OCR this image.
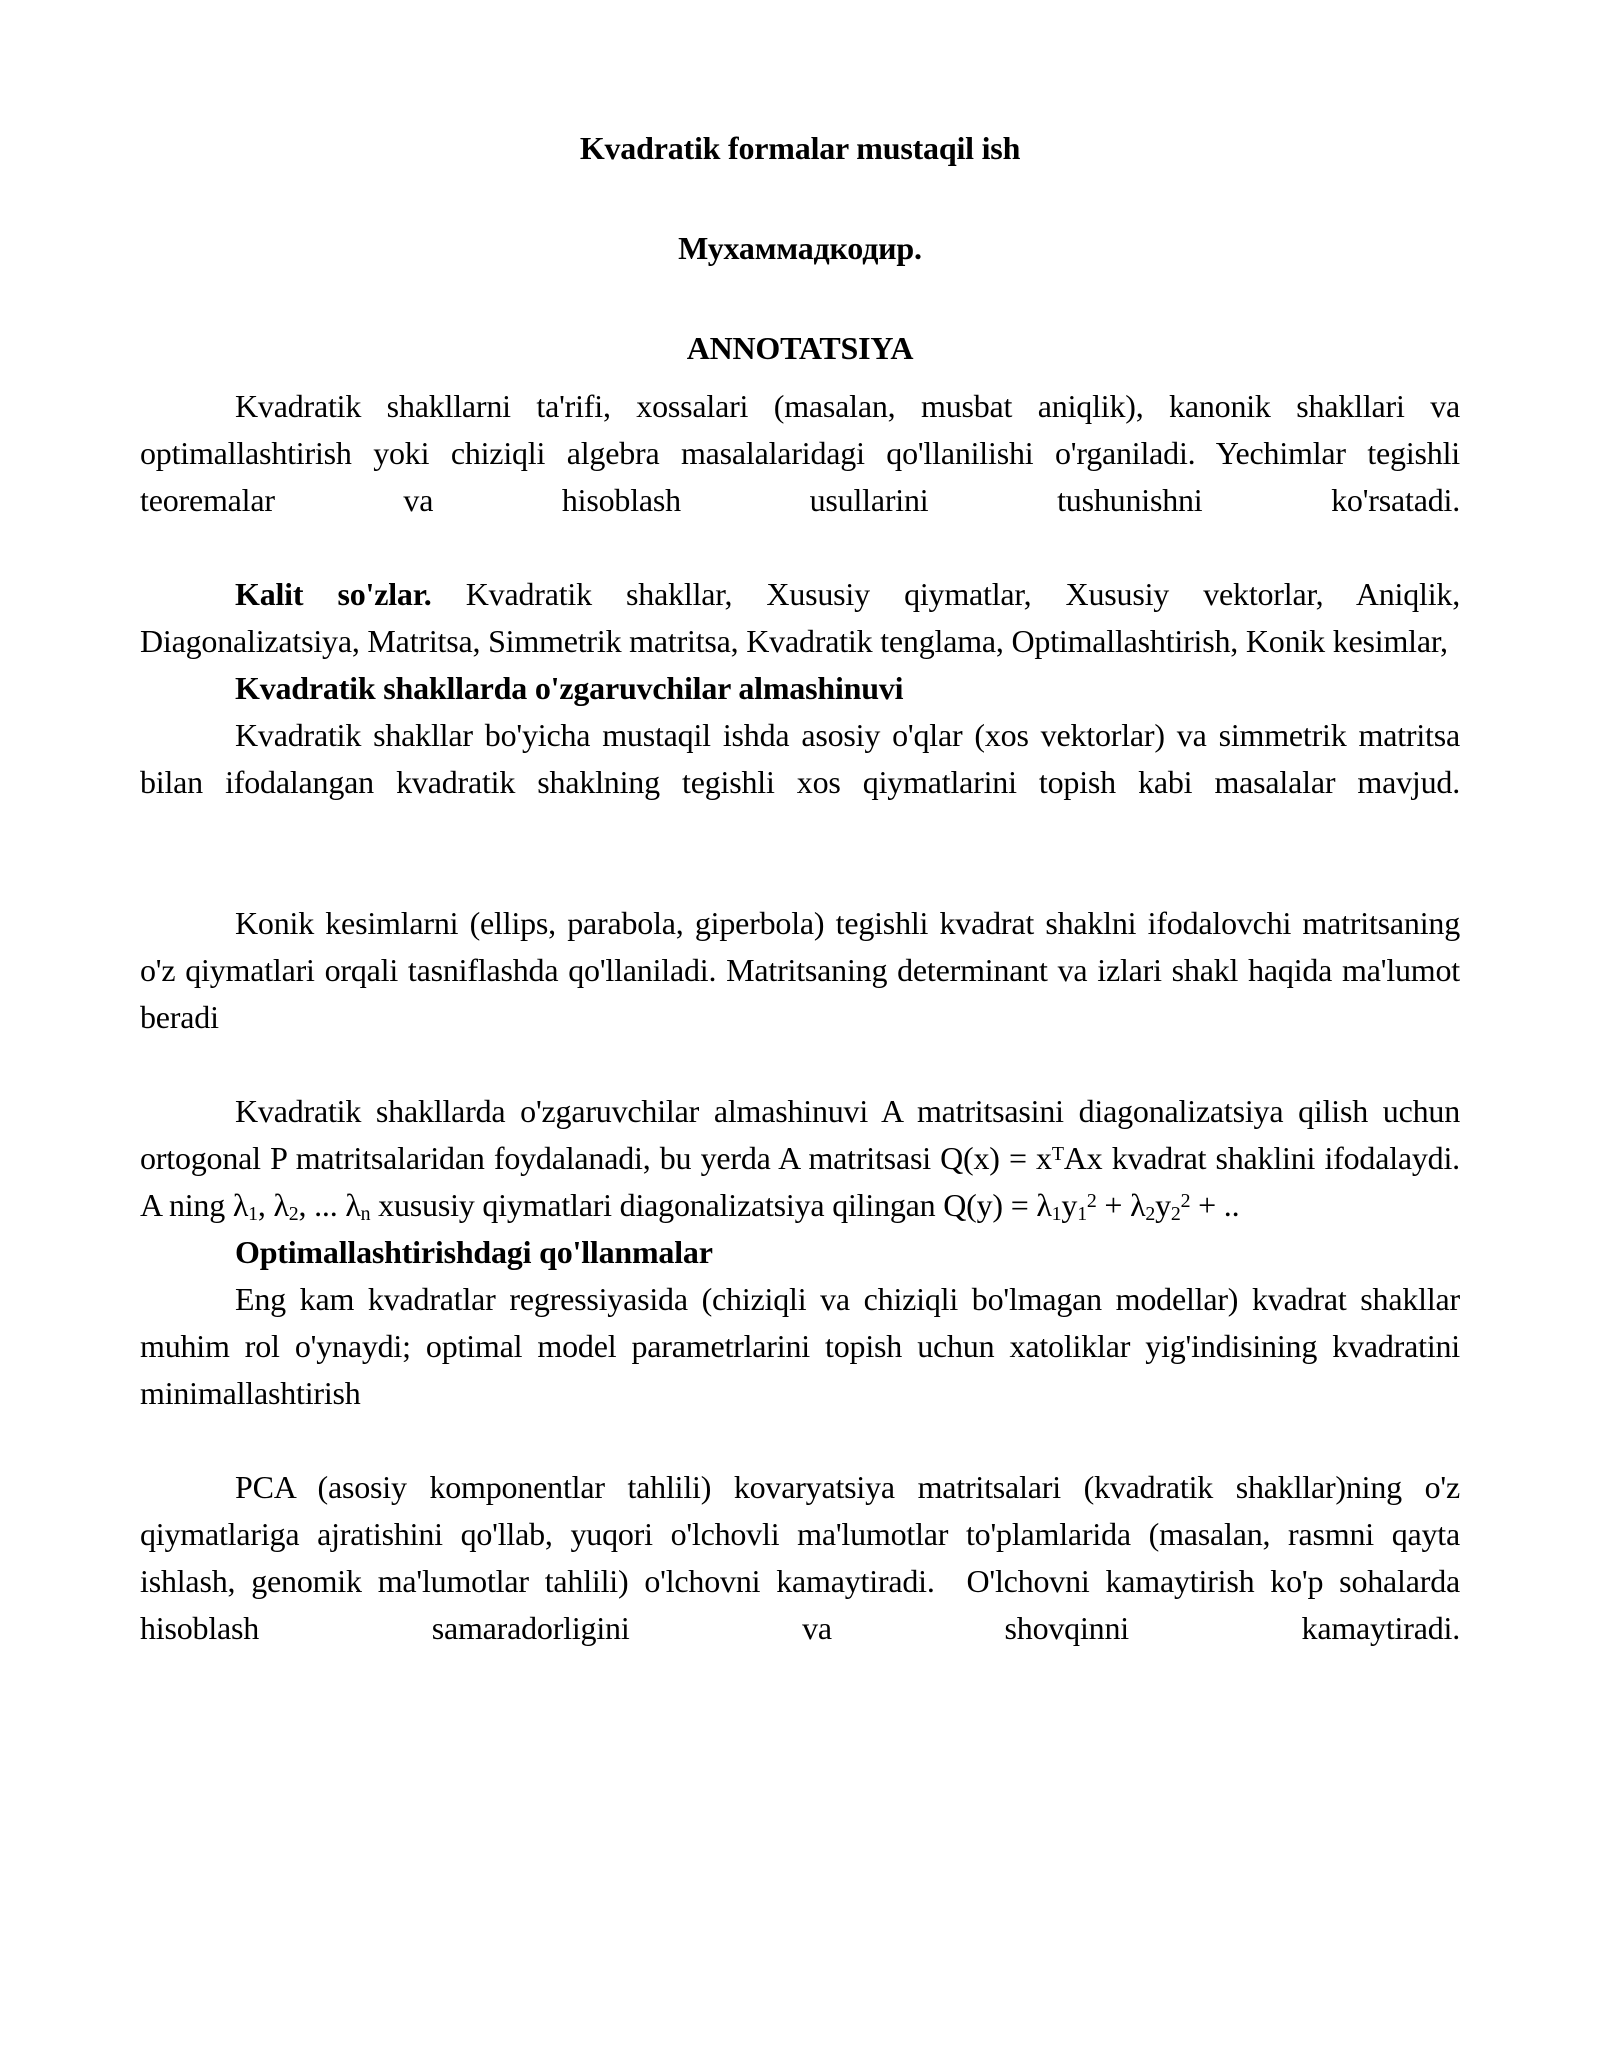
Kvadratik formalar mustaqil ish

Мухаммадкодир.

ANNOTATSIYA

Kvadratik shakllarni ta'rifi, xossalari (masalan, musbat aniqlik), kanonik shakllari va optimallashtirish yoki chiziqli algebra masalalaridagi qo'llanilishi o'rganiladi. Yechimlar tegishli teoremalar va hisoblash usullarini tushunishni ko'rsatadi.

Kalit so'zlar. Kvadratik shakllar, Xususiy qiymatlar, Xususiy vektorlar, Aniqlik, Diagonalizatsiya, Matritsa, Simmetrik matritsa, Kvadratik tenglama, Optimallashtirish, Konik kesimlar,

Kvadratik shakllarda o'zgaruvchilar almashinuvi

Kvadratik shakllar bo'yicha mustaqil ishda asosiy o'qlar (xos vektorlar) va simmetrik matritsa bilan ifodalangan kvadratik shaklning tegishli xos qiymatlarini topish kabi masalalar mavjud.

Konik kesimlarni (ellips, parabola, giperbola) tegishli kvadrat shaklni ifodalovchi matritsaning o'z qiymatlari orqali tasniflashda qo'llaniladi. Matritsaning determinant va izlari shakl haqida ma'lumot beradi

Kvadratik shakllarda o'zgaruvchilar almashinuvi A matritsasini diagonalizatsiya qilish uchun ortogonal P matritsalaridan foydalanadi, bu yerda A matritsasi $Q(x) = x^TAx$ kvadrat shaklini ifodalaydi. A ning $\lambda_1$, $\lambda_2$, ... $\lambda_n$ xususiy qiymatlari diagonalizatsiya qilingan $Q(y) = \lambda_1y_1^2 + \lambda_2y_2^2$ + ..

Optimallashtirishdagi qo'llanmalar

Eng kam kvadratlar regressiyasida (chiziqli va chiziqli bo'lmagan modellar) kvadrat shakllar muhim rol o'ynaydi; optimal model parametrlarini topish uchun xatoliklar yig'indisining kvadratini minimallashtirish

PCA (asosiy komponentlar tahlili) kovaryatsiya matritsalari (kvadratik shakllar)ning o'z qiymatlariga ajratishini qo'llab, yuqori o'lchovli ma'lumotlar to'plamlarida (masalan, rasmni qayta ishlash, genomik ma'lumotlar tahlili) o'lchovni kamaytiradi.  O'lchovni kamaytirish ko'p sohalarda hisoblash samaradorligini va shovqinni kamaytiradi.
